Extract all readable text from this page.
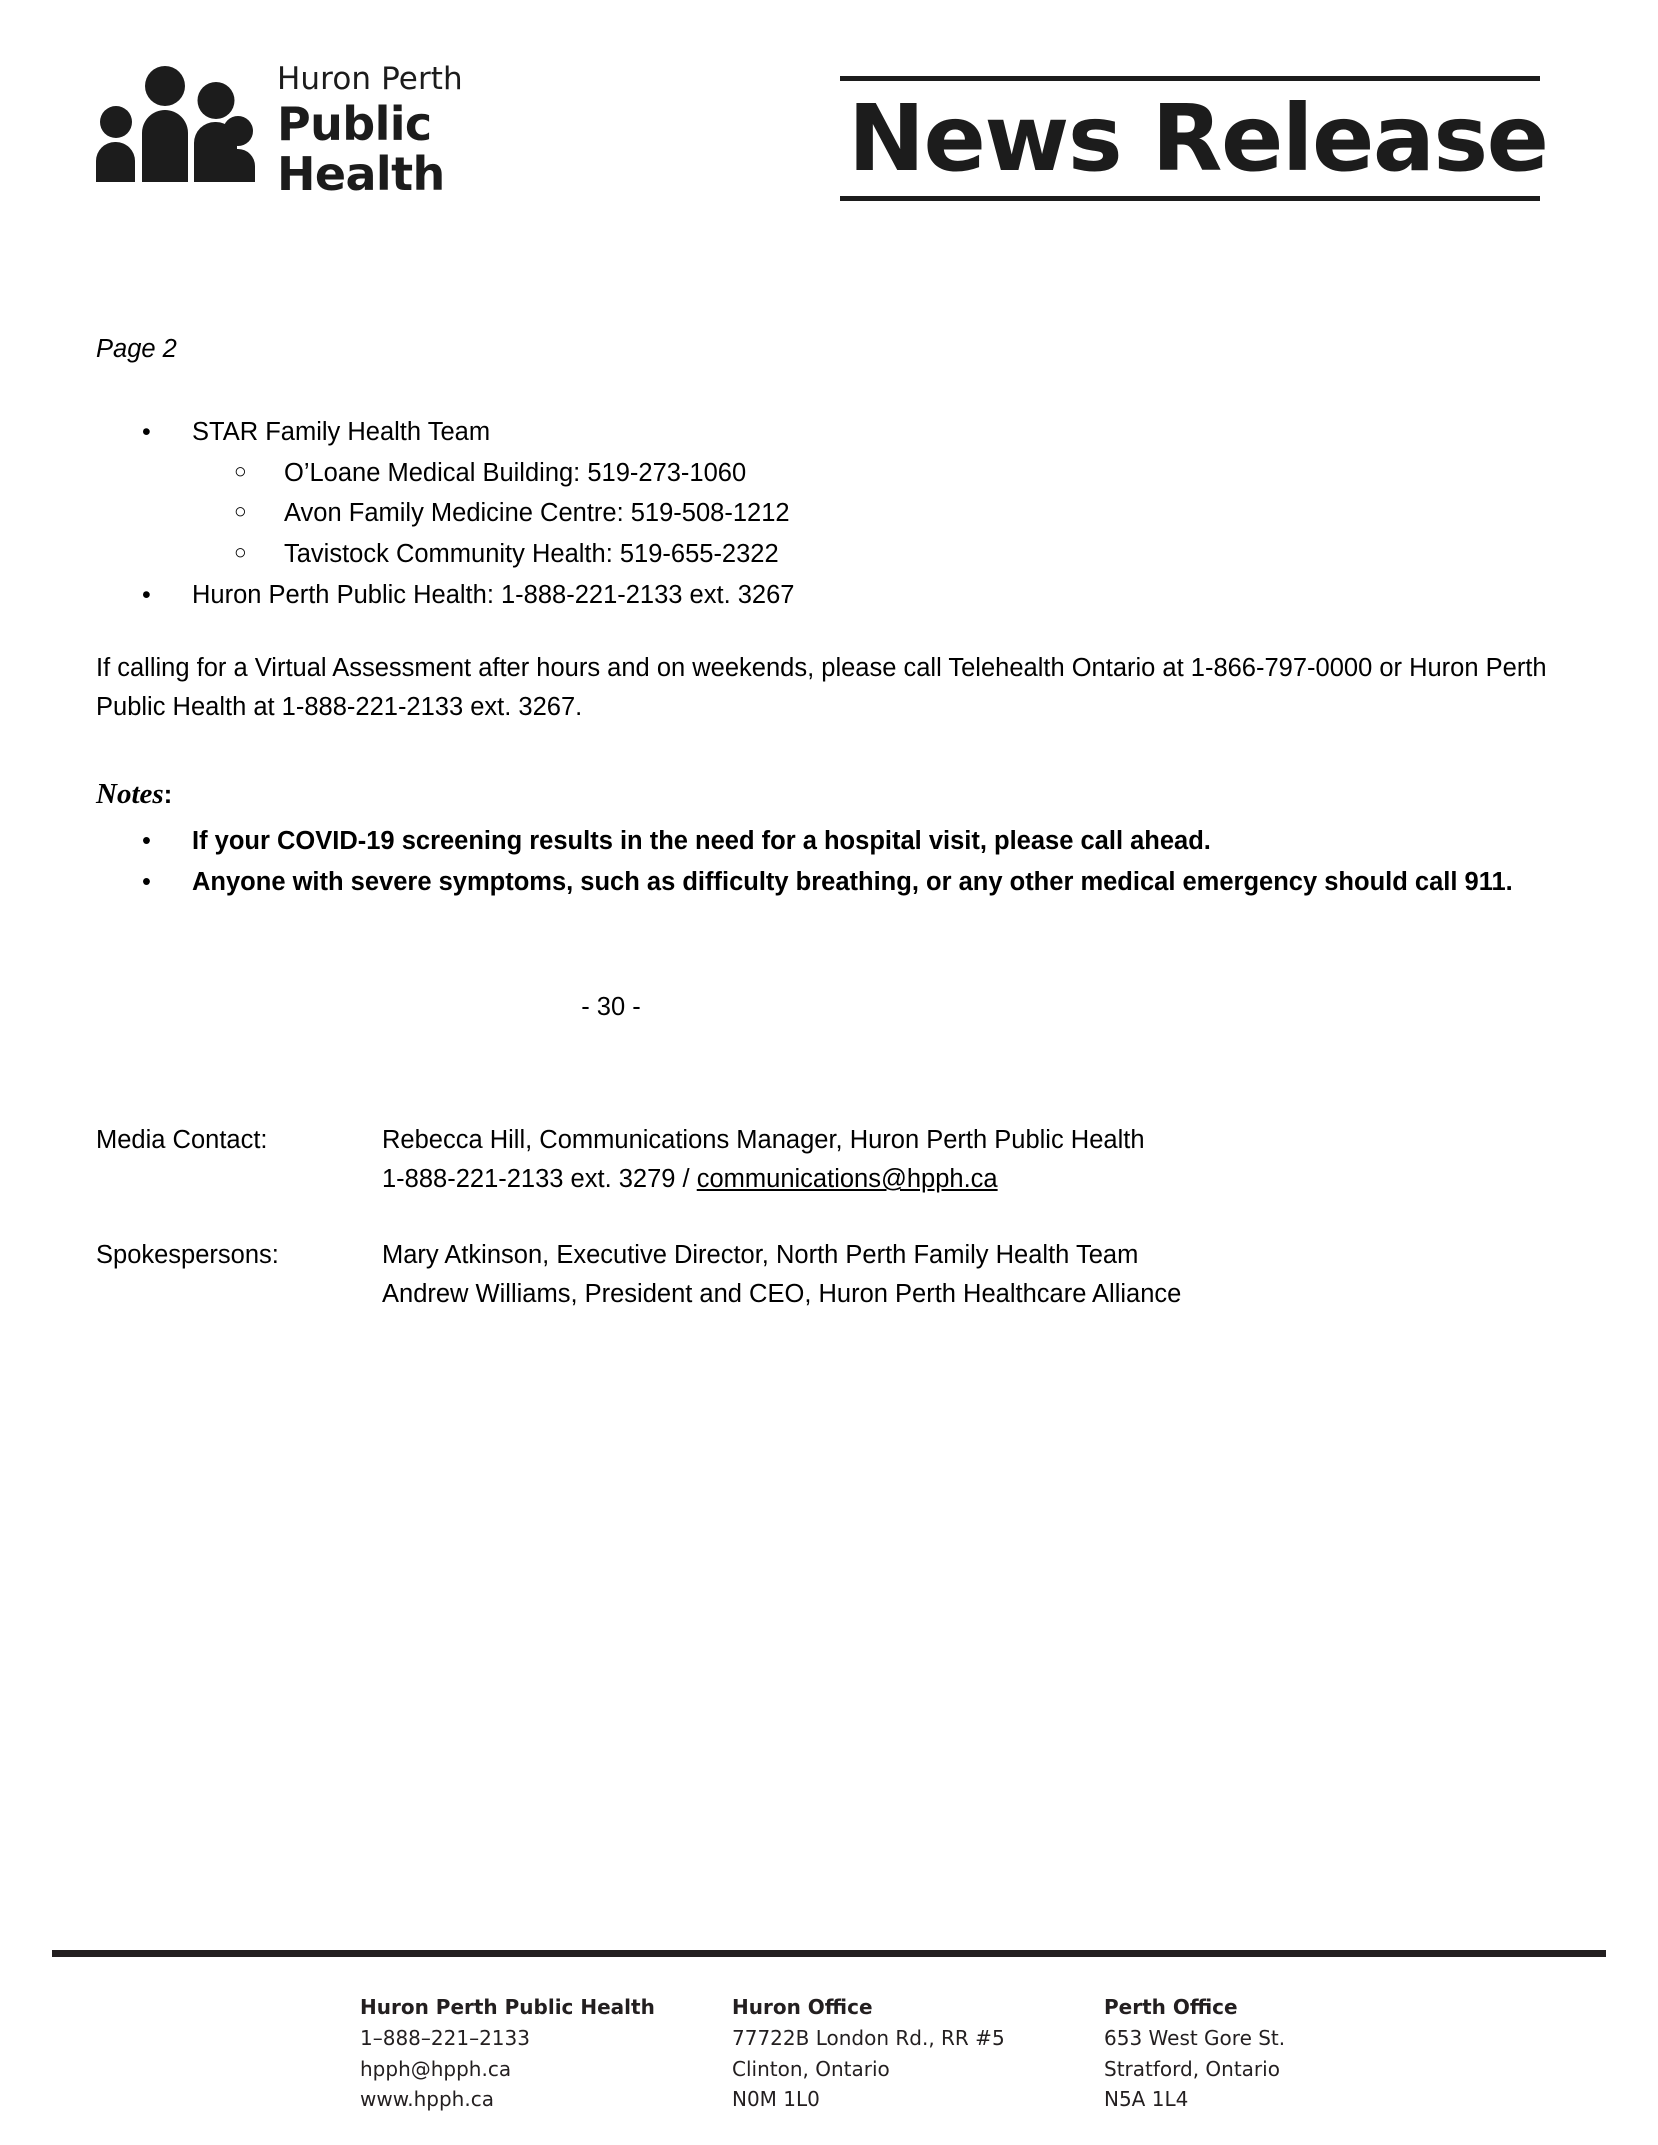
Huron Perth
Public
Health	News Release
Page 2
• STAR Family Health Team
○ O’Loane Medical Building: 519-273-1060
○ Avon Family Medicine Centre: 519-508-1212
○ Tavistock Community Health: 519-655-2322
• Huron Perth Public Health: 1-888-221-2133 ext. 3267

If calling for a Virtual Assessment after hours and on weekends, please call Telehealth Ontario at 1-866-797-0000 or Huron Perth Public Health at 1-888-221-2133 ext. 3267.

Notes:
• If your COVID-19 screening results in the need for a hospital visit, please call ahead.
• Anyone with severe symptoms, such as difficulty breathing, or any other medical emergency should call 911.
- 30 -
Media Contact:	Rebecca Hill, Communications Manager, Huron Perth Public Health
1-888-221-2133 ext. 3279 / communications@hpph.ca
Spokespersons:	Mary Atkinson, Executive Director, North Perth Family Health Team
Andrew Williams, President and CEO, Huron Perth Healthcare Alliance
Huron Perth Public Health
1–888–221–2133
hpph@hpph.ca
www.hpph.ca
Huron Office
77722B London Rd., RR #5
Clinton, Ontario
N0M 1L0
Perth Office
653 West Gore St.
Stratford, Ontario
N5A 1L4
